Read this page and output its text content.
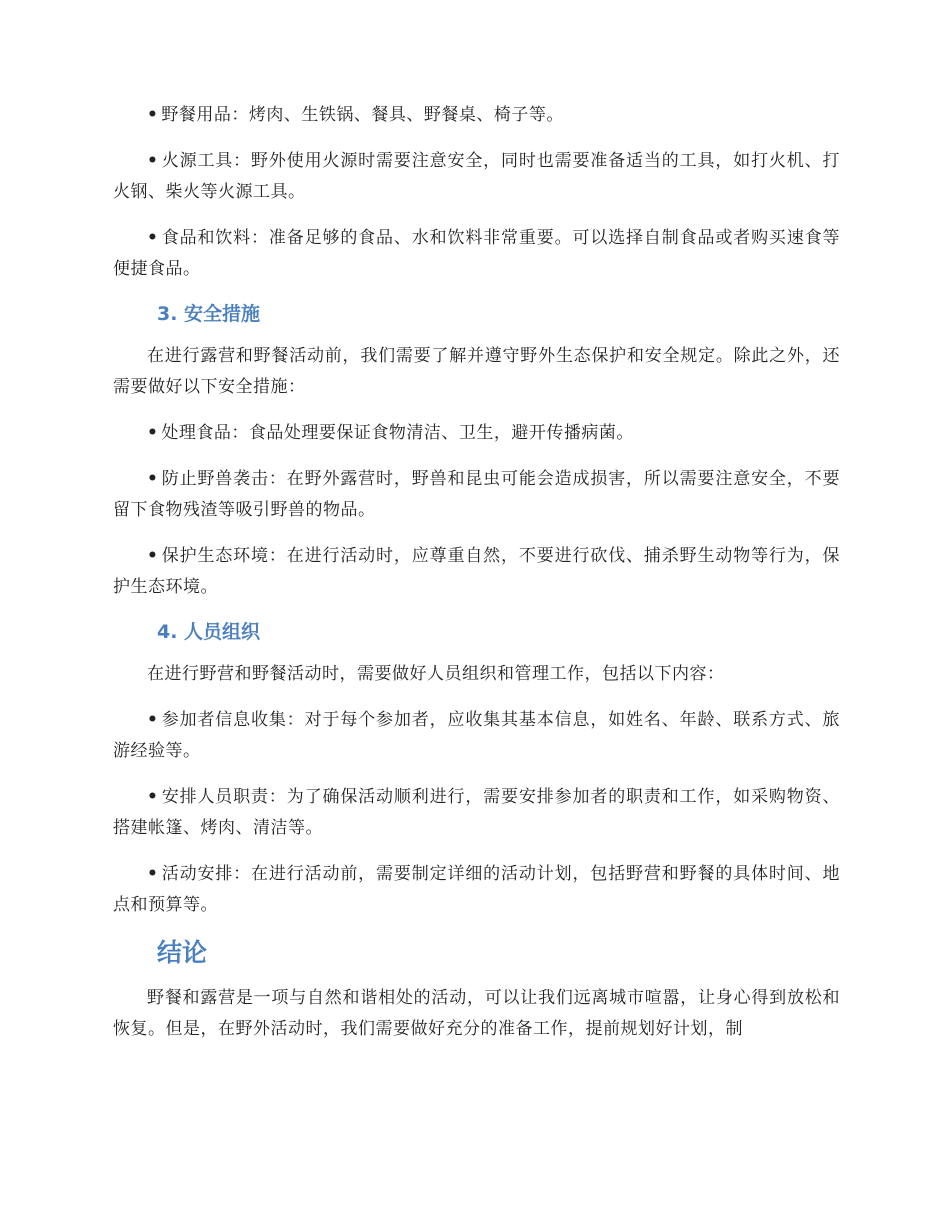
• 野餐用品：烤肉、生铁锅、餐具、野餐桌、椅子等。

• 火源工具：野外使用火源时需要注意安全，同时也需要准备适当的工具，如打火机、打火钢、柴火等火源工具。

• 食品和饮料：准备足够的食品、水和饮料非常重要。可以选择自制食品或者购买速食等便捷食品。

3. 安全措施

在进行露营和野餐活动前，我们需要了解并遵守野外生态保护和安全规定。除此之外，还需要做好以下安全措施：

• 处理食品：食品处理要保证食物清洁、卫生，避开传播病菌。

• 防止野兽袭击：在野外露营时，野兽和昆虫可能会造成损害，所以需要注意安全，不要留下食物残渣等吸引野兽的物品。

• 保护生态环境：在进行活动时，应尊重自然，不要进行砍伐、捕杀野生动物等行为，保护生态环境。

4. 人员组织

在进行野营和野餐活动时，需要做好人员组织和管理工作，包括以下内容：

• 参加者信息收集：对于每个参加者，应收集其基本信息，如姓名、年龄、联系方式、旅游经验等。

• 安排人员职责：为了确保活动顺利进行，需要安排参加者的职责和工作，如采购物资、搭建帐篷、烤肉、清洁等。

• 活动安排：在进行活动前，需要制定详细的活动计划，包括野营和野餐的具体时间、地点和预算等。

结论

野餐和露营是一项与自然和谐相处的活动，可以让我们远离城市喧嚣，让身心得到放松和恢复。但是，在野外活动时，我们需要做好充分的准备工作，提前规划好计划，制
